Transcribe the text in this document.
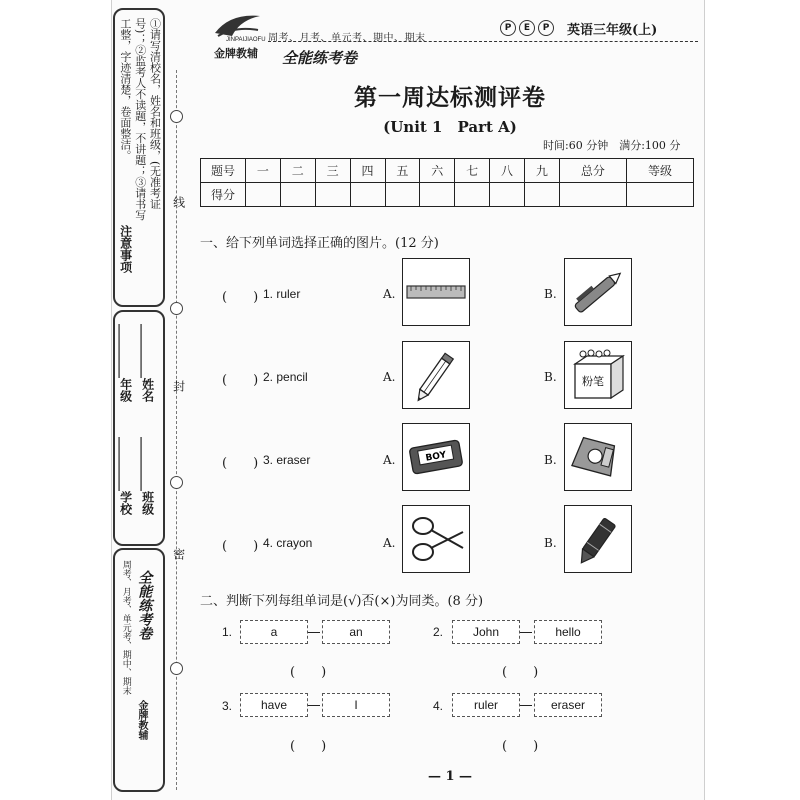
线
封
密
注意事项
①请写清校名，姓名和班级，(无准考证号)；②监考人不读题，不讲题；③请书写工整，字迹清楚，卷面整洁。
_________年级
_________姓名
_________学校
_________班级
周考、月考、单元考、期中、期末 全能练考卷
金牌教辅
JINPAIJIAOFU
金牌教辅
周考、月考、单元考、期中、期末
全能练考卷
P	E	P	英语三年级(上)
第一周达标测评卷
(Unit 1　Part A)
时间:60 分钟　满分:100 分
题号	一	二	三	四	五	六	七	八	九	总分	等级
得分											
一、给下列单词选择正确的图片。(12 分)
(　　) 1. ruler	A.	B.
(　　) 2. pencil	A.	B. 粉笔
(　　) 3. eraser	A.	BOY	B.
(　　) 4. crayon	A.	B.
二、判断下列每组单词是(√)否(×)为同类。(8 分)
1.	a	an
(　　)
2.	John	hello
(　　)
3.	have	I
(　　)
4.	ruler	eraser
(　　)
— 1 —
